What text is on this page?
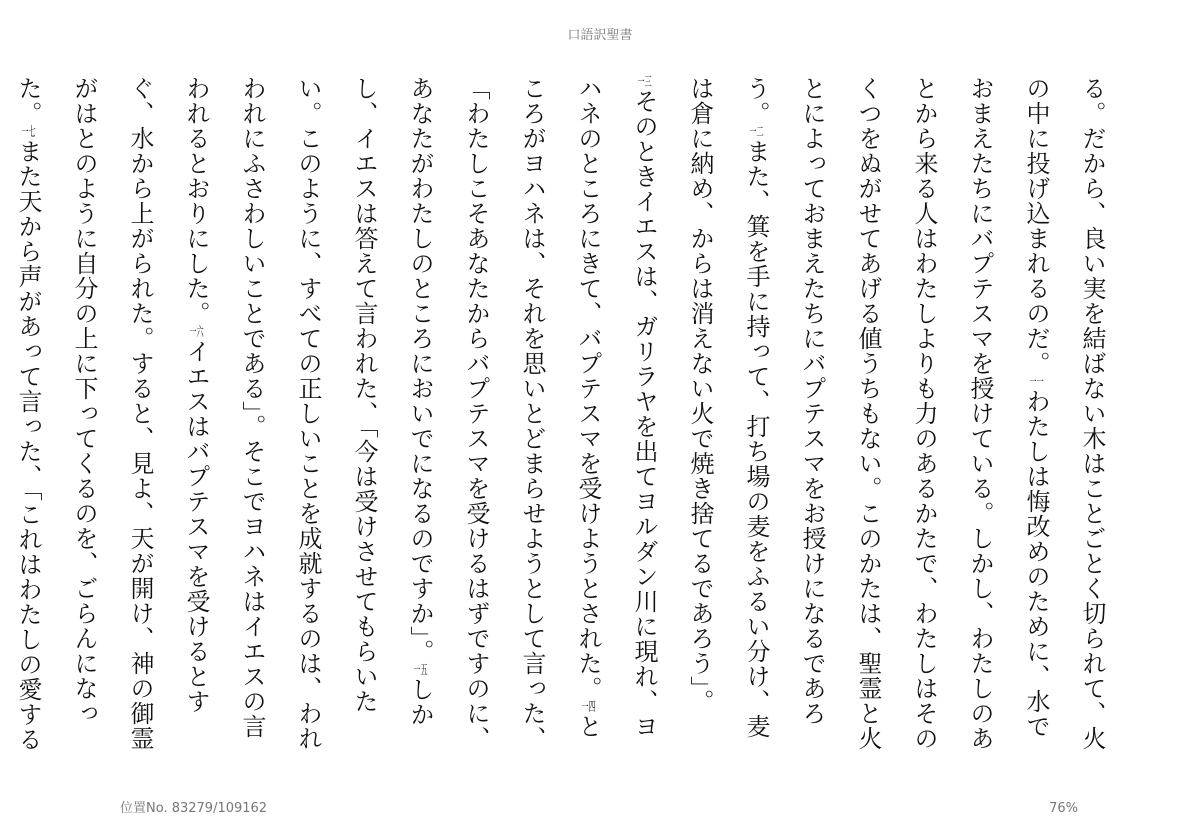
口語訳聖書

る。だから、良い実を結ばない木はことごとく切られて、火の中に投げ込まれるのだ。一一わたしは悔改めのために、水でおまえたちにバプテスマを授けている。しかし、わたしのあとから来る人はわたしよりも力のあるかたで、わたしはそのくつをぬがせてあげる値うちもない。このかたは、聖霊と火とによっておまえたちにバプテスマをお授けになるであろう。一二また、箕を手に持って、打ち場の麦をふるい分け、麦は倉に納め、からは消えない火で焼き捨てるであろう」。

一三そのときイエスは、ガリラヤを出てヨルダン川に現れ、ヨハネのところにきて、バプテスマを受けようとされた。一四ところがヨハネは、それを思いとどまらせようとして言った、「わたしこそあなたからバプテスマを受けるはずですのに、あなたがわたしのところにおいでになるのですか」。一五しかし、イエスは答えて言われた、「今は受けさせてもらいたい。このように、すべての正しいことを成就するのは、われわれにふさわしいことである」。そこでヨハネはイエスの言われるとおりにした。一六イエスはバプテスマを受けるとすぐ、水から上がられた。すると、見よ、天が開け、神の御霊がはとのように自分の上に下ってくるのを、ごらんになった。一七また天から声があって言った、「これはわたしの愛する

位置No. 83279/109162	76%
